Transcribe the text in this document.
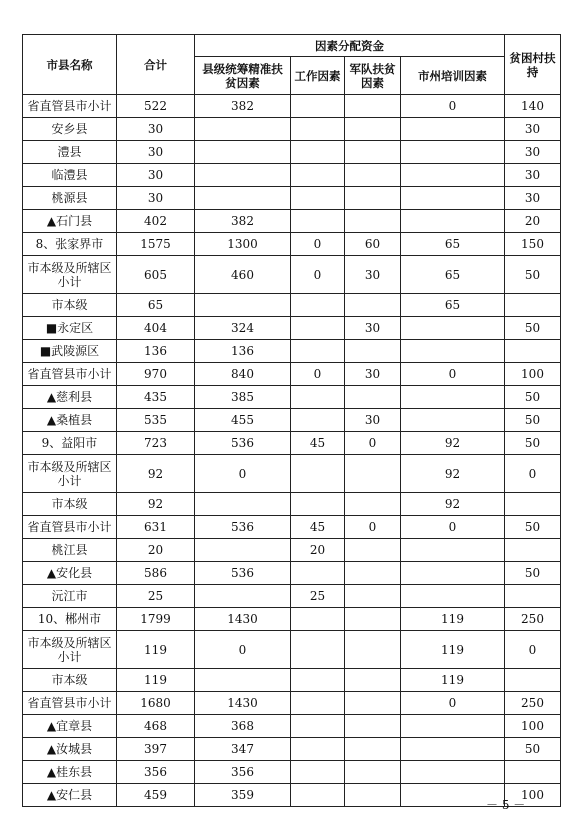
市县名称	合计	因素分配资金				贫困村扶持
		县级统筹精准扶贫因素	工作因素	军队扶贫因素	市州培训因素	
省直管县市小计	522	382			0	140
安乡县	30					30
澧县	30					30
临澧县	30					30
桃源县	30					30
▲石门县	402	382				20
8、张家界市	1575	1300	0	60	65	150
市本级及所辖区小计	605	460	0	30	65	50
市本级	65				65	
■永定区	404	324		30		50
■武陵源区	136	136				
省直管县市小计	970	840	0	30	0	100
▲慈利县	435	385				50
▲桑植县	535	455		30		50
9、益阳市	723	536	45	0	92	50
市本级及所辖区小计	92	0			92	0
市本级	92				92	
省直管县市小计	631	536	45	0	0	50
桃江县	20		20			
▲安化县	586	536				50
沅江市	25		25			
10、郴州市	1799	1430			119	250
市本级及所辖区小计	119	0			119	0
市本级	119				119	
省直管县市小计	1680	1430			0	250
▲宜章县	468	368				100
▲汝城县	397	347				50
▲桂东县	356	356				
▲安仁县	459	359				100
－ 5 －
